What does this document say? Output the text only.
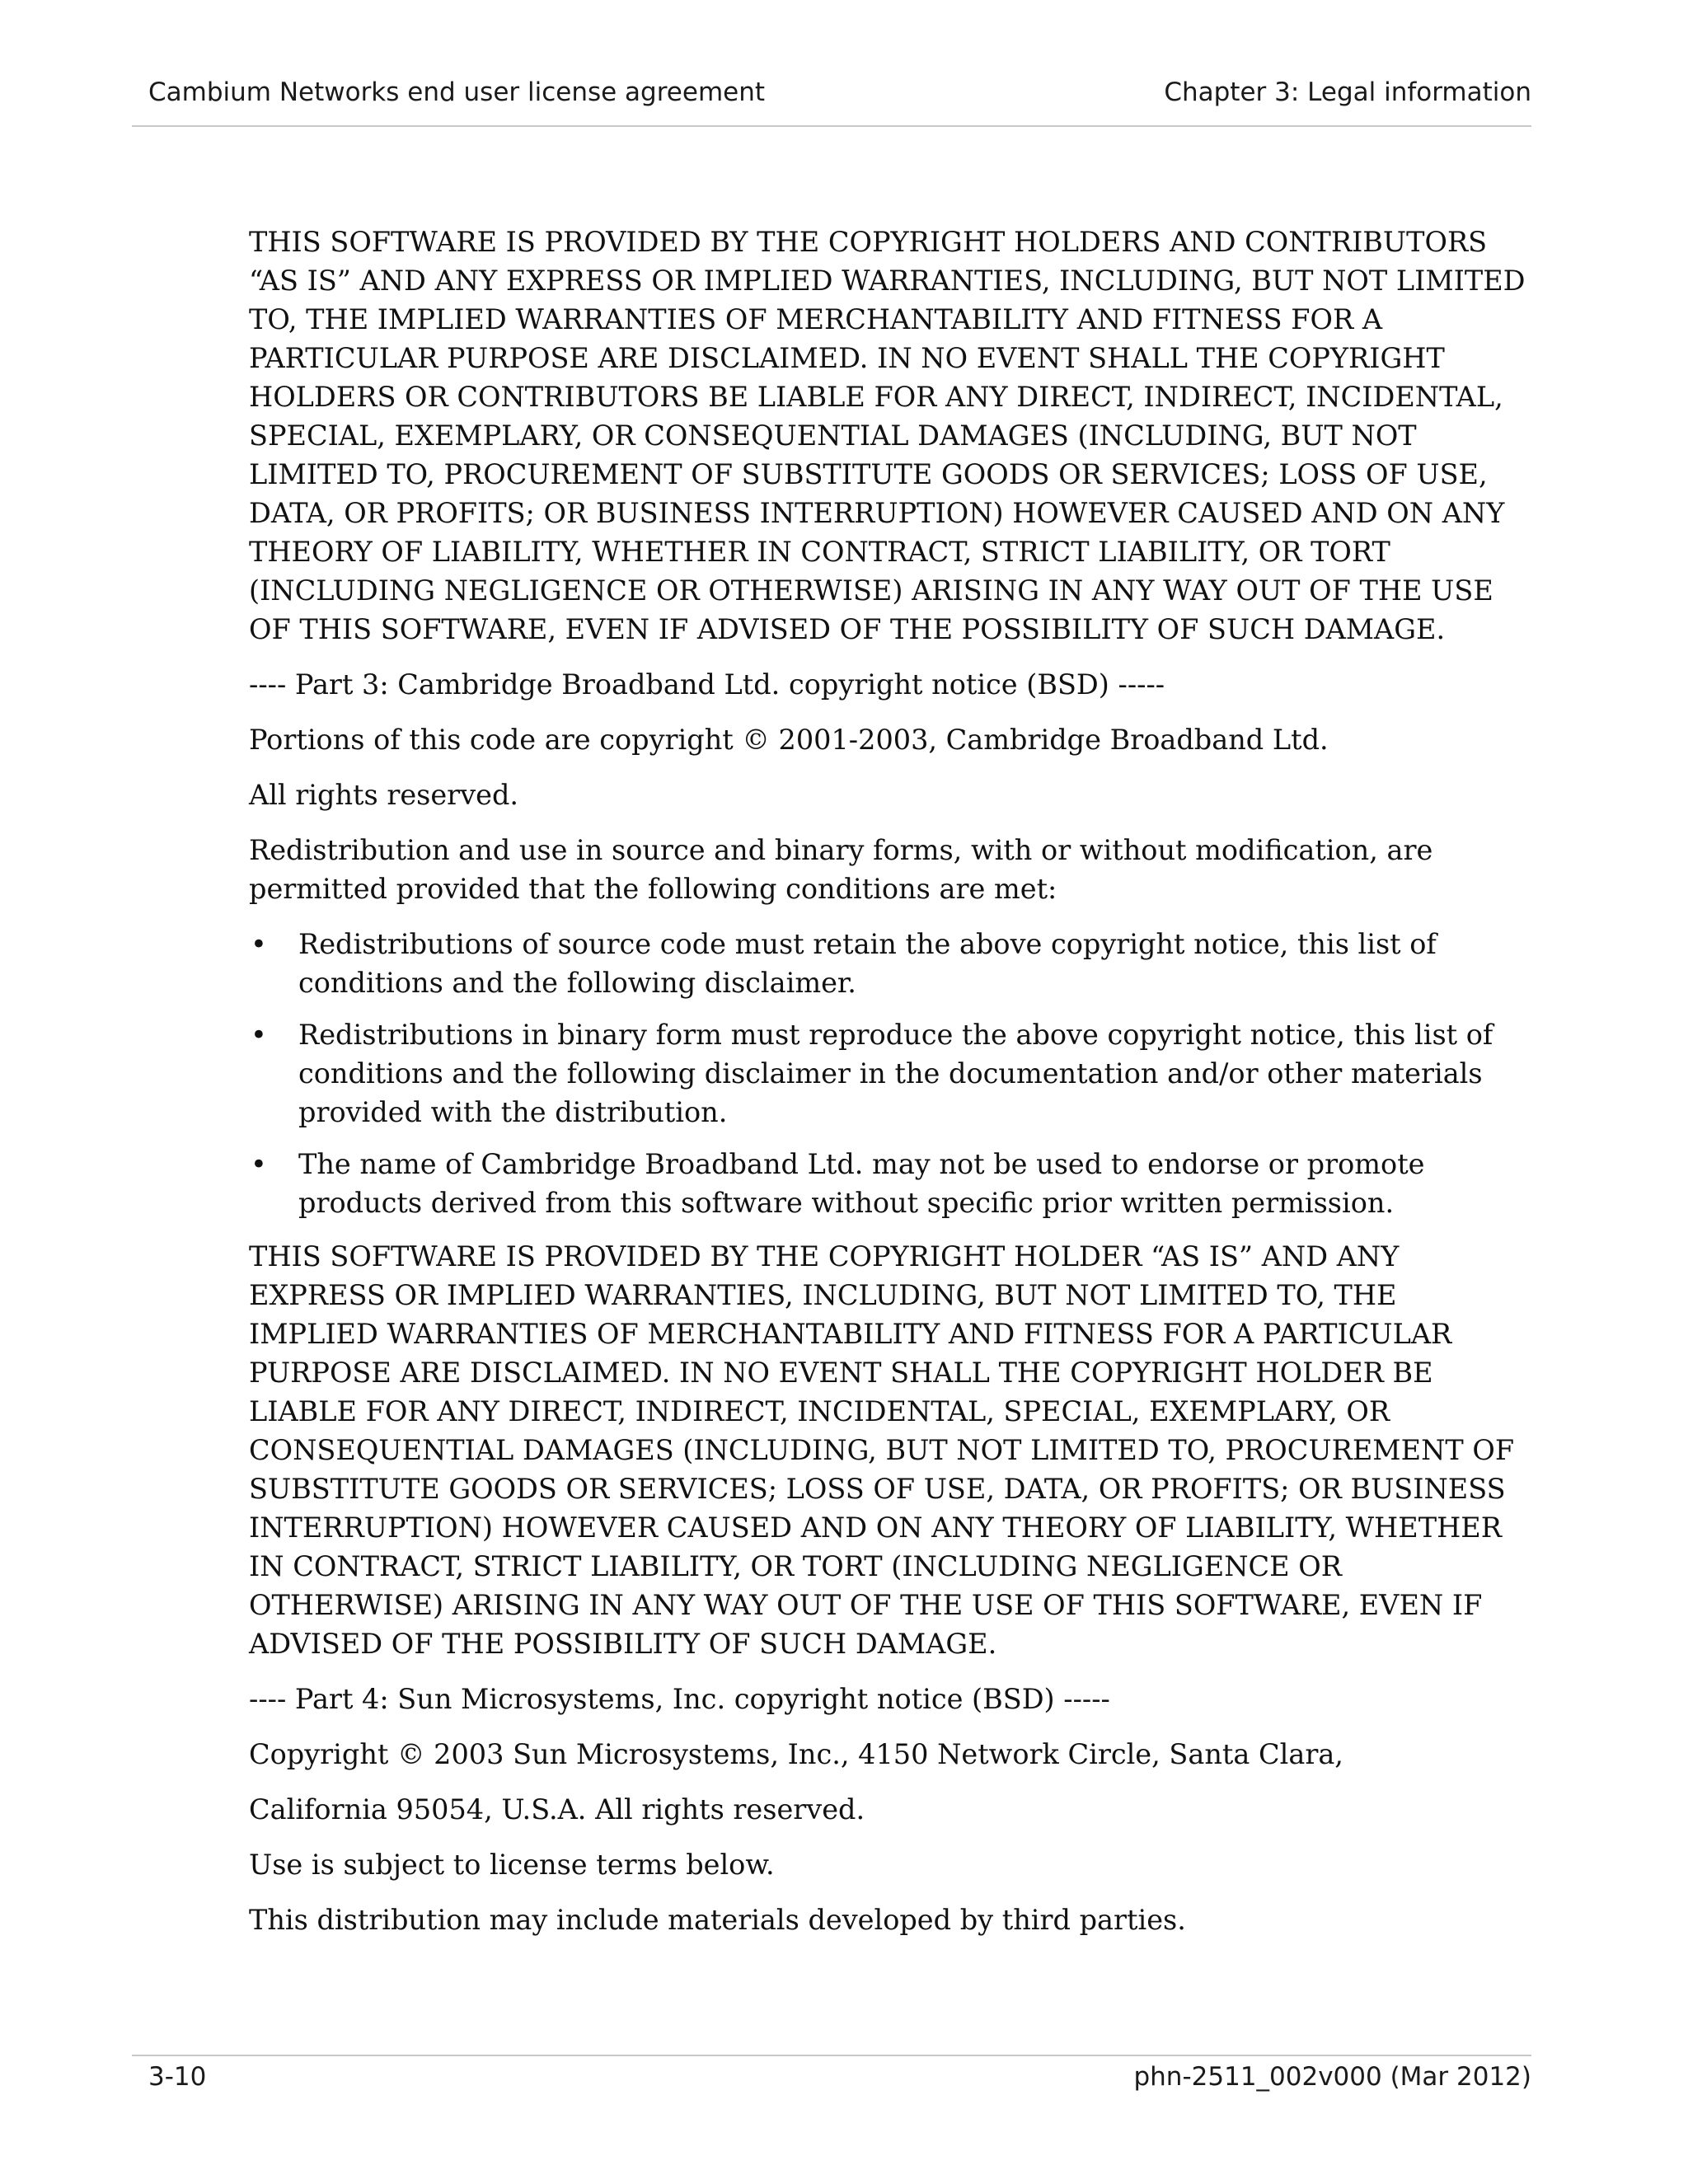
Cambium Networks end user license agreement	Chapter 3: Legal information

THIS SOFTWARE IS PROVIDED BY THE COPYRIGHT HOLDERS AND CONTRIBUTORS “AS IS” AND ANY EXPRESS OR IMPLIED WARRANTIES, INCLUDING, BUT NOT LIMITED TO, THE IMPLIED WARRANTIES OF MERCHANTABILITY AND FITNESS FOR A PARTICULAR PURPOSE ARE DISCLAIMED. IN NO EVENT SHALL THE COPYRIGHT HOLDERS OR CONTRIBUTORS BE LIABLE FOR ANY DIRECT, INDIRECT, INCIDENTAL, SPECIAL, EXEMPLARY, OR CONSEQUENTIAL DAMAGES (INCLUDING, BUT NOT LIMITED TO, PROCUREMENT OF SUBSTITUTE GOODS OR SERVICES; LOSS OF USE, DATA, OR PROFITS; OR BUSINESS INTERRUPTION) HOWEVER CAUSED AND ON ANY THEORY OF LIABILITY, WHETHER IN CONTRACT, STRICT LIABILITY, OR TORT (INCLUDING NEGLIGENCE OR OTHERWISE) ARISING IN ANY WAY OUT OF THE USE OF THIS SOFTWARE, EVEN IF ADVISED OF THE POSSIBILITY OF SUCH DAMAGE.

---- Part 3: Cambridge Broadband Ltd. copyright notice (BSD) -----

Portions of this code are copyright © 2001-2003, Cambridge Broadband Ltd.

All rights reserved.

Redistribution and use in source and binary forms, with or without modification, are permitted provided that the following conditions are met:

• Redistributions of source code must retain the above copyright notice, this list of conditions and the following disclaimer.
• Redistributions in binary form must reproduce the above copyright notice, this list of conditions and the following disclaimer in the documentation and/or other materials provided with the distribution.
• The name of Cambridge Broadband Ltd. may not be used to endorse or promote products derived from this software without specific prior written permission.

THIS SOFTWARE IS PROVIDED BY THE COPYRIGHT HOLDER “AS IS” AND ANY EXPRESS OR IMPLIED WARRANTIES, INCLUDING, BUT NOT LIMITED TO, THE IMPLIED WARRANTIES OF MERCHANTABILITY AND FITNESS FOR A PARTICULAR PURPOSE ARE DISCLAIMED. IN NO EVENT SHALL THE COPYRIGHT HOLDER BE LIABLE FOR ANY DIRECT, INDIRECT, INCIDENTAL, SPECIAL, EXEMPLARY, OR CONSEQUENTIAL DAMAGES (INCLUDING, BUT NOT LIMITED TO, PROCUREMENT OF SUBSTITUTE GOODS OR SERVICES; LOSS OF USE, DATA, OR PROFITS; OR BUSINESS INTERRUPTION) HOWEVER CAUSED AND ON ANY THEORY OF LIABILITY, WHETHER IN CONTRACT, STRICT LIABILITY, OR TORT (INCLUDING NEGLIGENCE OR OTHERWISE) ARISING IN ANY WAY OUT OF THE USE OF THIS SOFTWARE, EVEN IF ADVISED OF THE POSSIBILITY OF SUCH DAMAGE.

---- Part 4: Sun Microsystems, Inc. copyright notice (BSD) -----

Copyright © 2003 Sun Microsystems, Inc., 4150 Network Circle, Santa Clara,

California 95054, U.S.A. All rights reserved.

Use is subject to license terms below.

This distribution may include materials developed by third parties.

3-10	phn-2511_002v000 (Mar 2012)
